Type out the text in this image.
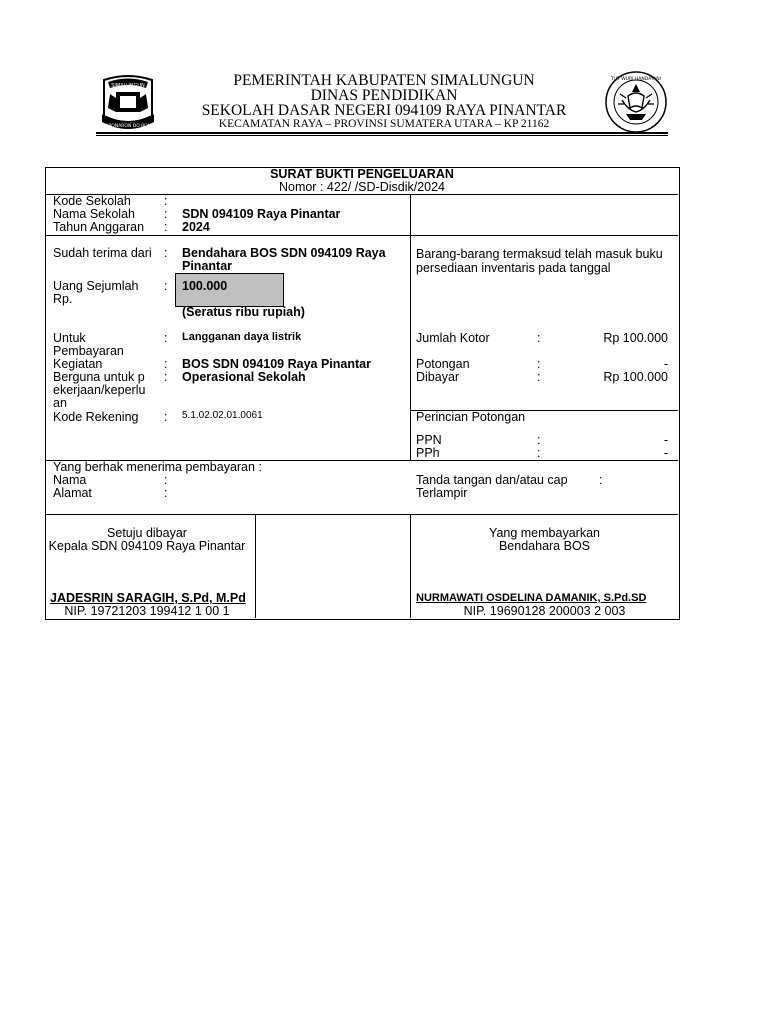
SIMALUNGUN
HABONARON DO BONA
TUT WURI HANDAYANI
PEMERINTAH KABUPATEN SIMALUNGUN
DINAS PENDIDIKAN
SEKOLAH DASAR NEGERI 094109 RAYA PINANTAR
KECAMATAN RAYA – PROVINSI SUMATERA UTARA – KP 21162
SURAT BUKTI PENGELUARAN
Nomor : 422/ /SD-Disdik/2024
Kode Sekolah	:
Nama Sekolah : SDN 094109 Raya Pinantar
Tahun Anggaran : 2024
Sudah terima dari : Bendahara BOS SDN 094109 Raya Pinantar
Uang Sejumlah Rp.
: 100.000
(Seratus ribu rupiah)
Untuk Pembayaran
: Langganan daya listrik
Kegiatan	: BOS SDN 094109 Raya Pinantar
Berguna untuk pekerjaan/keperluan
: Operasional Sekolah
Kode Rekening : 5.1.02.02.01.0061
Barang-barang termaksud telah masuk buku persediaan inventaris pada tanggal
Jumlah Kotor	:	Rp 100.000
Potongan	:	-
Dibayar	:	Rp 100.000
Perincian Potongan
PPN	:	-
PPh	:	-
Yang berhak menerima pembayaran :
Nama	:
Alamat	:
Tanda tangan dan/atau cap	:
Terlampir
Setuju dibayar
Kepala SDN 094109 Raya Pinantar
JADESRIN SARAGIH, S.Pd, M.Pd
NIP. 19721203 199412 1 00 1
Yang membayarkan
Bendahara BOS
NURMAWATI OSDELINA DAMANIK, S.Pd.SD
NIP. 19690128 200003 2 003
